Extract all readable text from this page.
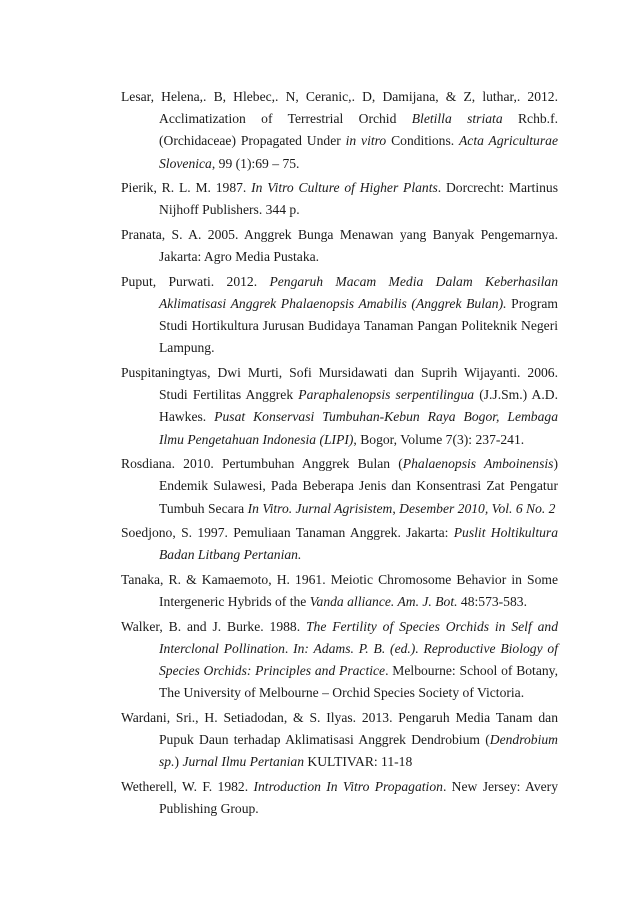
Lesar, Helena,. B, Hlebec,. N, Ceranic,. D, Damijana, & Z, luthar,. 2012. Acclimatization of Terrestrial Orchid Bletilla striata Rchb.f. (Orchidaceae) Propagated Under in vitro Conditions. Acta Agriculturae Slovenica, 99 (1):69 – 75.

Pierik, R. L. M. 1987. In Vitro Culture of Higher Plants. Dorcrecht: Martinus Nijhoff Publishers. 344 p.

Pranata, S. A. 2005. Anggrek Bunga Menawan yang Banyak Pengemarnya. Jakarta: Agro Media Pustaka.

Puput, Purwati. 2012. Pengaruh Macam Media Dalam Keberhasilan Aklimatisasi Anggrek Phalaenopsis Amabilis (Anggrek Bulan). Program Studi Hortikultura Jurusan Budidaya Tanaman Pangan Politeknik Negeri Lampung.

Puspitaningtyas, Dwi Murti, Sofi Mursidawati dan Suprih Wijayanti. 2006. Studi Fertilitas Anggrek Paraphalenopsis serpentilingua (J.J.Sm.) A.D. Hawkes. Pusat Konservasi Tumbuhan-Kebun Raya Bogor, Lembaga Ilmu Pengetahuan Indonesia (LIPI), Bogor, Volume 7(3): 237-241.

Rosdiana. 2010. Pertumbuhan Anggrek Bulan (Phalaenopsis Amboinensis) Endemik Sulawesi, Pada Beberapa Jenis dan Konsentrasi Zat Pengatur Tumbuh Secara In Vitro. Jurnal Agrisistem, Desember 2010, Vol. 6 No. 2

Soedjono, S. 1997. Pemuliaan Tanaman Anggrek. Jakarta: Puslit Holtikultura Badan Litbang Pertanian.

Tanaka, R. & Kamaemoto, H. 1961. Meiotic Chromosome Behavior in Some Intergeneric Hybrids of the Vanda alliance. Am. J. Bot. 48:573-583.

Walker, B. and J. Burke. 1988. The Fertility of Species Orchids in Self and Interclonal Pollination. In: Adams. P. B. (ed.). Reproductive Biology of Species Orchids: Principles and Practice. Melbourne: School of Botany, The University of Melbourne – Orchid Species Society of Victoria.

Wardani, Sri., H. Setiadodan, & S. Ilyas. 2013. Pengaruh Media Tanam dan Pupuk Daun terhadap Aklimatisasi Anggrek Dendrobium (Dendrobium sp.) Jurnal Ilmu Pertanian KULTIVAR: 11-18

Wetherell, W. F. 1982. Introduction In Vitro Propagation. New Jersey: Avery Publishing Group.
